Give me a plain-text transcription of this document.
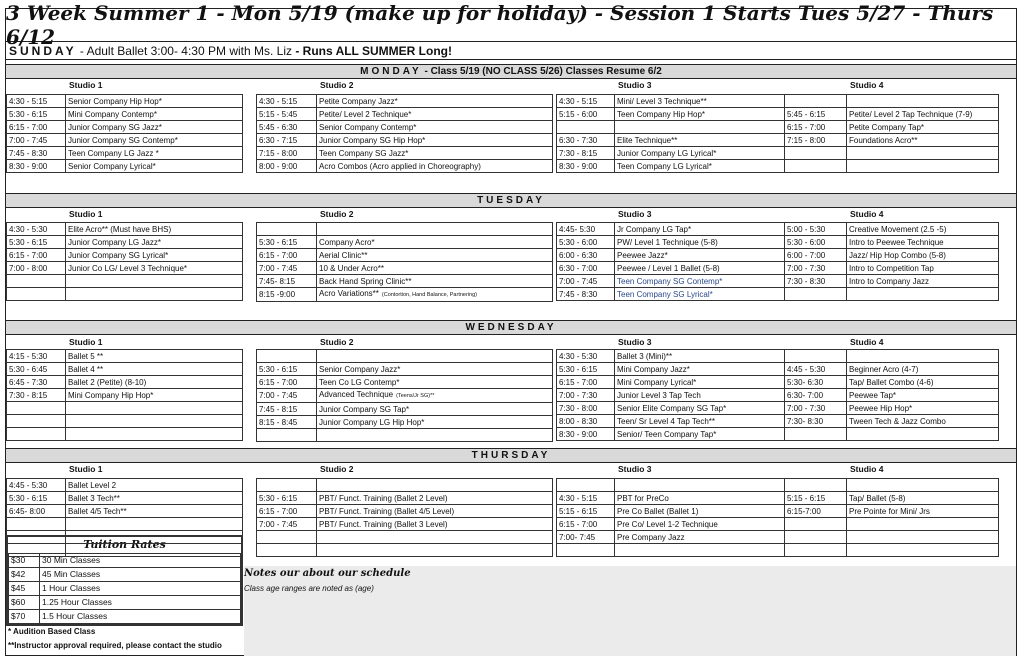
3 Week Summer 1 - Mon 5/19 (make up for holiday) - Session 1 Starts Tues 5/27 - Thurs 6/12
SUNDAY - Adult Ballet 3:00- 4:30 PM with Ms. Liz - Runs ALL SUMMER Long!
MONDAY - Class 5/19 (NO CLASS 5/26) Classes Resume 6/2
TUESDAY
WEDNESDAY
THURSDAY
Tuition Rates
$30	30 Min Classes
$42	45 Min Classes
$45	1 Hour Classes
$60	1.25 Hour Classes
$70	1.5 Hour Classes
Notes our about our schedule
Class age ranges are noted as (age)
* Audition Based Class
**Instructor approval required, please contact the studio
Studio 1	Studio 2	Studio 3	Studio 4
4:30 - 5:15	Senior Company Hip Hop*
5:30 - 6:15	Mini Company Contemp*
6:15 - 7:00	Junior Company SG Jazz*
7:00 - 7:45	Junior Company SG Contemp*
7:45 - 8:30	Teen Company LG Jazz *
8:30 - 9:00	Senior Company Lyrical*
4:30 - 5:15	Petite Company Jazz*
5:15 - 5:45	Petite/ Level 2 Technique*
5:45 - 6:30	Senior Company Contemp*
6:30 - 7:15	Junior Company SG Hip Hop*
7:15 - 8:00	Teen Company SG Jazz*
8:00 - 9:00	Acro Combos (Acro applied in Choreography)
4:30 - 5:15	Mini/ Level 3 Technique**
5:15 - 6:00	Teen Company Hip Hop*

6:30 - 7:30	Elite Technique**
7:30 - 8:15	Junior Company LG Lyrical*
8:30 - 9:00	Teen Company LG Lyrical*

5:45 - 6:15	Petite/ Level 2 Tap Technique (7-9)
6:15 - 7:00	Petite Company Tap*
7:15 - 8:00	Foundations Acro**

Studio 1	Studio 2	Studio 3	Studio 4
4:30 - 5:30	Elite Acro** (Must have BHS)
5:30 - 6:15	Junior Company LG Jazz*
6:15 - 7:00	Junior Company SG Lyrical*
7:00 - 8:00	Junior Co LG/ Level 3 Technique*

5:30 - 6:15	Company Acro*
6:15 - 7:00	Aerial Clinic**
7:00 - 7:45	10 & Under Acro**
7:45- 8:15	Back Hand Spring Clinic**
8:15 -9:00	Acro Variations** (Contortion, Hand Balance, Partnering)
4:45- 5:30	Jr Company LG Tap*
5:30 - 6:00	PW/ Level 1 Technique (5-8)
6:00 - 6:30	Peewee Jazz*
6:30 - 7:00	Peewee / Level 1 Ballet (5-8)
7:00 - 7:45	Teen Company SG Contemp*
7:45 - 8:30	Teen Company SG Lyrical*
5:00 - 5:30	Creative Movement (2.5 -5)
5:30 - 6:00	Intro to Peewee Technique
6:00 - 7:00	Jazz/ Hip Hop Combo (5-8)
7:00 - 7:30	Intro to Competition Tap
7:30 - 8:30	Intro to Company Jazz

Studio 1	Studio 2	Studio 3	Studio 4
4:15 - 5:30	Ballet 5 **
5:30 - 6:45	Ballet 4 **
6:45 - 7:30	Ballet 2 (Petite) (8-10)
7:30 - 8:15	Mini Company Hip Hop*

5:30 - 6:15	Senior Company Jazz*
6:15 - 7:00	Teen Co LG Contemp*
7:00 - 7:45	Advanced Technique (Teens/Jr SG)**
7:45 - 8:15	Junior Company SG Tap*
8:15 - 8:45	Junior Company LG Hip Hop*

4:30 - 5:30	Ballet 3 (Mini)**
5:30 - 6:15	Mini Company Jazz*
6:15 - 7:00	Mini Company Lyrical*
7:00 - 7:30	Junior Level 3 Tap Tech
7:30 - 8:00	Senior Elite Company SG Tap*
8:00 - 8:30	Teen/ Sr Level 4 Tap Tech**
8:30 - 9:00	Senior/ Teen Company Tap*

4:45 - 5:30	Beginner Acro (4-7)
5:30- 6:30	Tap/ Ballet Combo (4-6)
6:30- 7:00	Peewee Tap*
7:00 - 7:30	Peewee Hip Hop*
7:30- 8:30	Tween Tech & Jazz Combo

Studio 1	Studio 2	Studio 3	Studio 4
4:45 - 5:30	Ballet Level 2
5:30 - 6:15	Ballet 3 Tech**
6:45- 8:00	Ballet 4/5 Tech**

5:30 - 6:15	PBT/ Funct. Training (Ballet 2 Level)
6:15 - 7:00	PBT/ Funct. Training (Ballet 4/5 Level)
7:00 - 7:45	PBT/ Funct. Training (Ballet 3 Level)

4:30 - 5:15	PBT for PreCo
5:15 - 6:15	Pre Co Ballet (Ballet 1)
6:15 - 7:00	Pre Co/ Level 1-2 Technique
7:00- 7:45	Pre Company Jazz

5:15 - 6:15	Tap/ Ballet (5-8)
6:15-7:00	Pre Pointe for Mini/ Jrs
